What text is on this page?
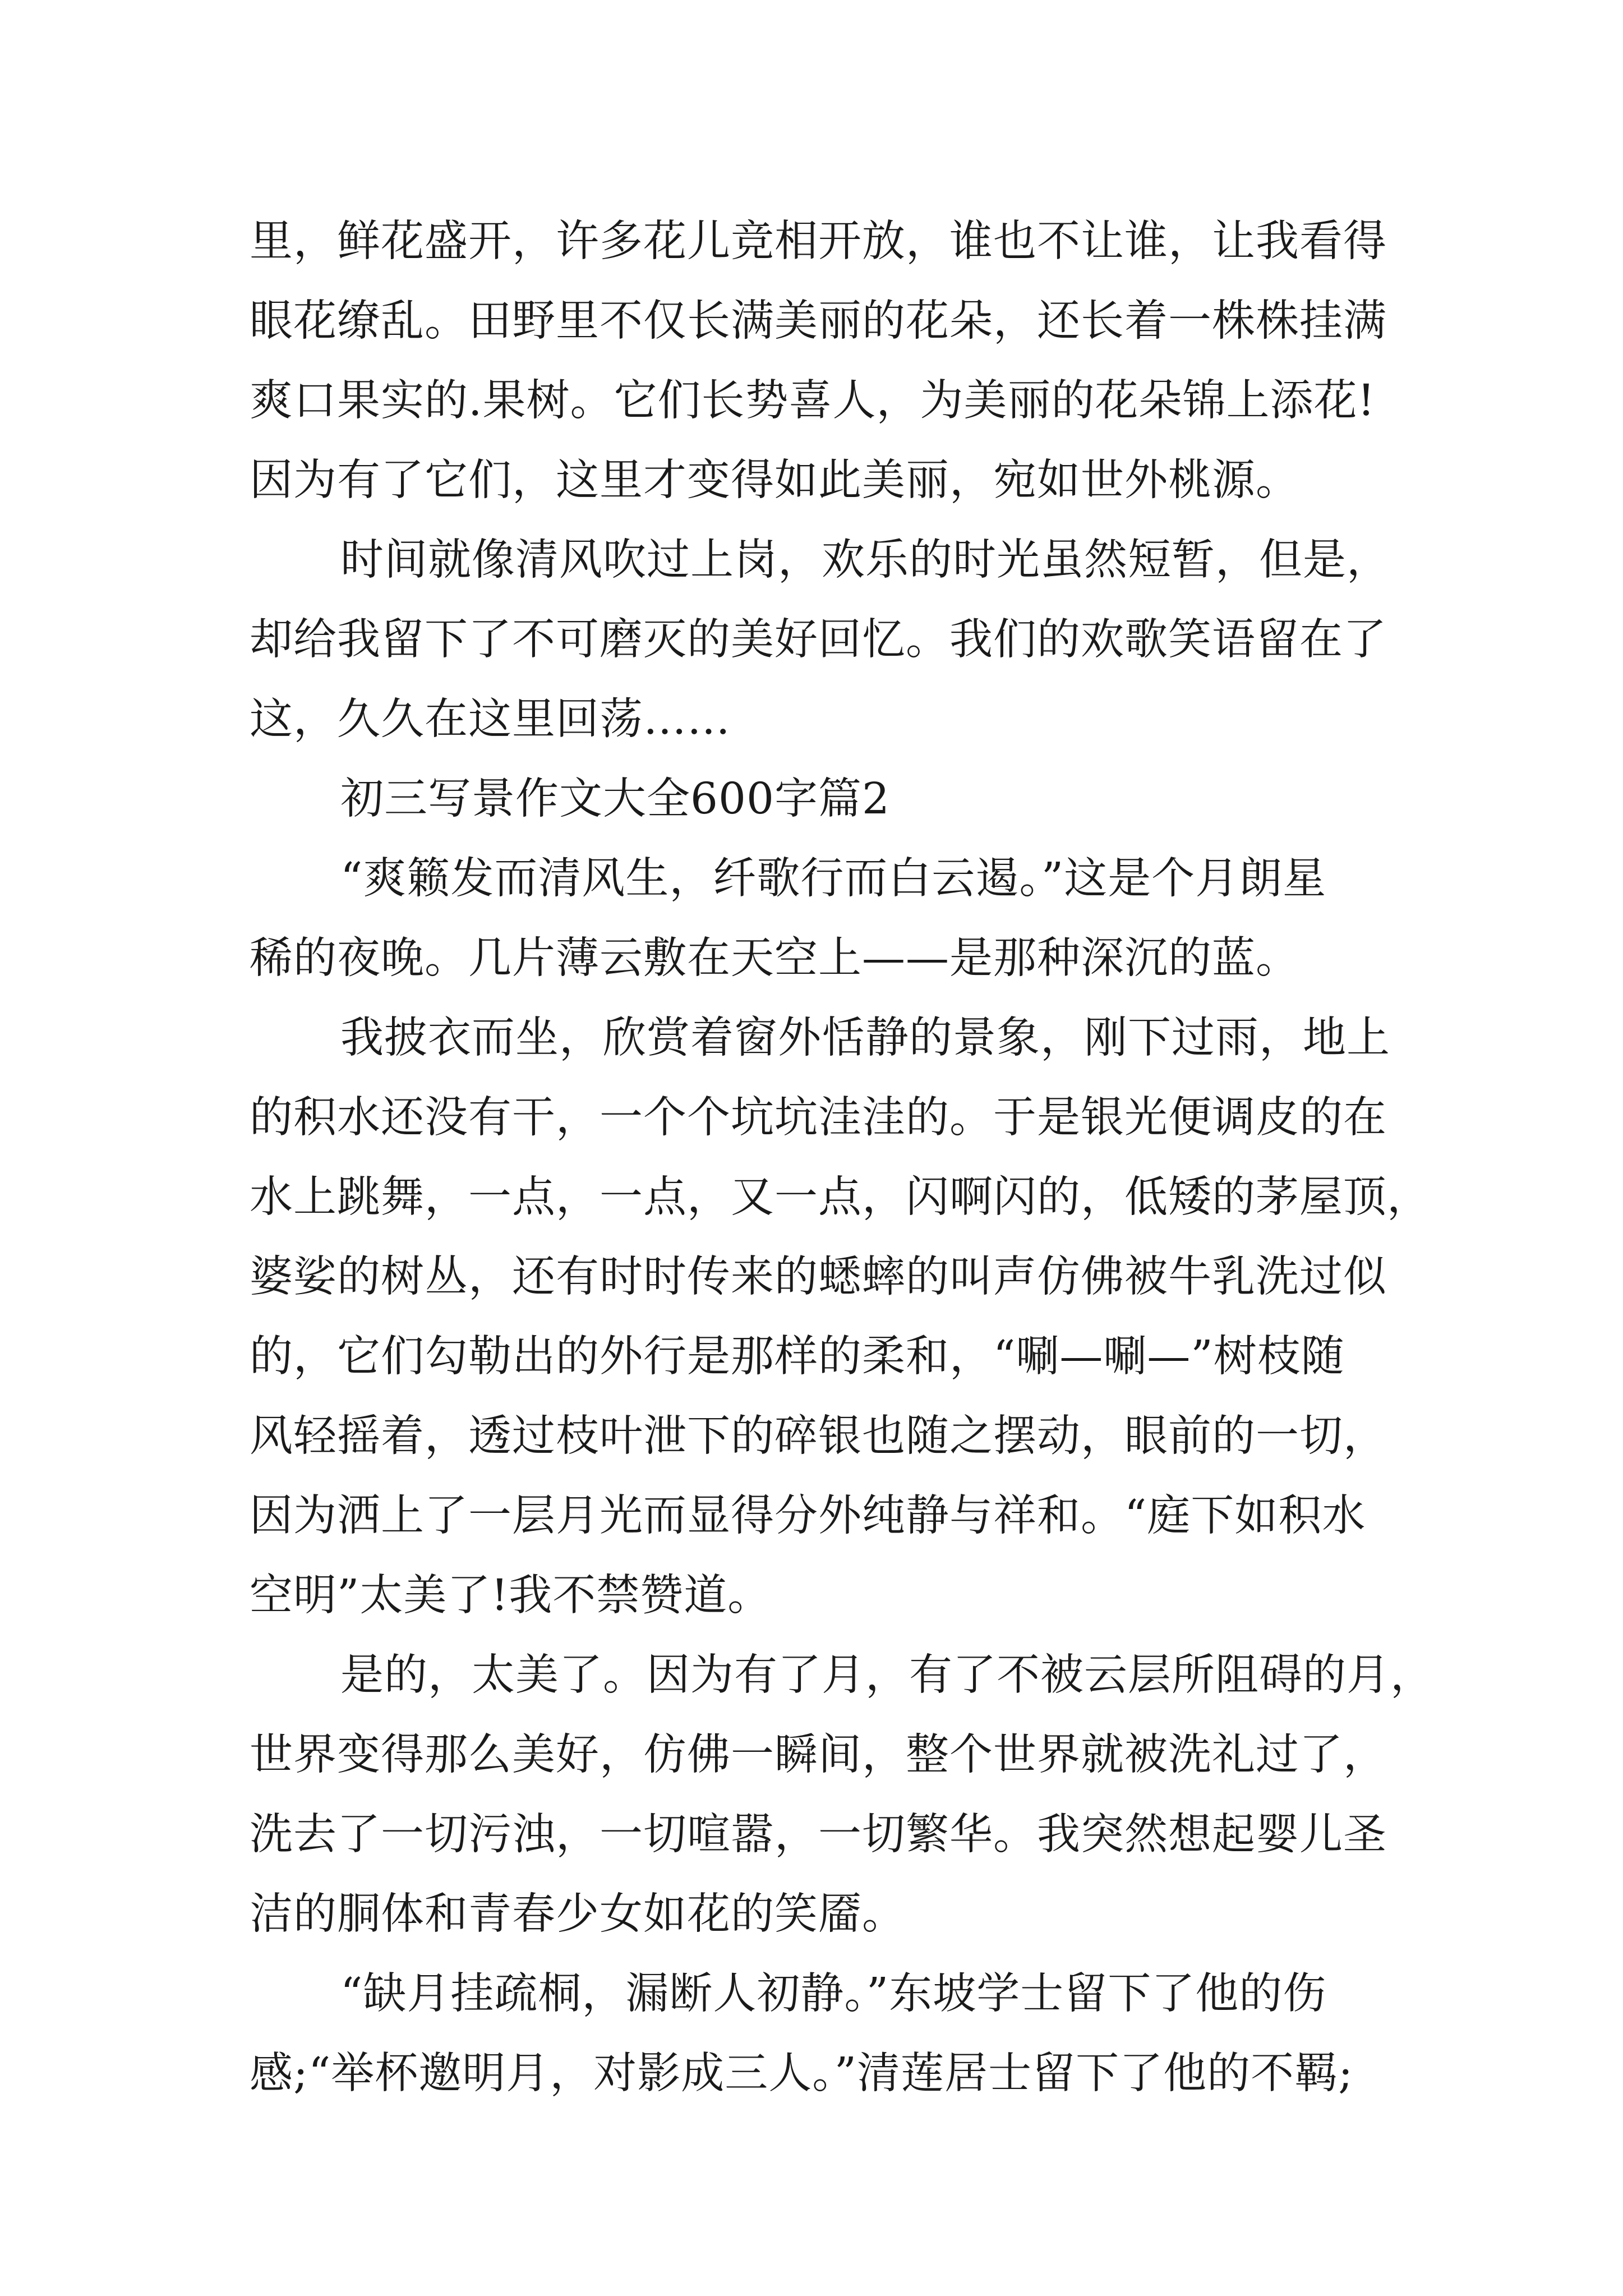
里，鲜花盛开，许多花儿竞相开放，谁也不让谁，让我看得
眼花缭乱。田野里不仅长满美丽的花朵，还长着一株株挂满
爽口果实的.果树。它们长势喜人，为美丽的花朵锦上添花!
因为有了它们，这里才变得如此美丽，宛如世外桃源。
时间就像清风吹过上岗，欢乐的时光虽然短暂，但是，
却给我留下了不可磨灭的美好回忆。我们的欢歌笑语留在了
这，久久在这里回荡……
初三写景作文大全600字篇2
“爽籁发而清风生，纤歌行而白云遏。”这是个月朗星
稀的夜晚。几片薄云敷在天空上——是那种深沉的蓝。
我披衣而坐，欣赏着窗外恬静的景象，刚下过雨，地上
的积水还没有干，一个个坑坑洼洼的。于是银光便调皮的在
水上跳舞，一点，一点，又一点，闪啊闪的，低矮的茅屋顶，
婆娑的树丛，还有时时传来的蟋蟀的叫声仿佛被牛乳洗过似
的，它们勾勒出的外行是那样的柔和，“唰—唰—”树枝随
风轻摇着，透过枝叶泄下的碎银也随之摆动，眼前的一切，
因为洒上了一层月光而显得分外纯静与祥和。“庭下如积水
空明”太美了!我不禁赞道。
是的，太美了。因为有了月，有了不被云层所阻碍的月，
世界变得那么美好，仿佛一瞬间，整个世界就被洗礼过了，
洗去了一切污浊，一切喧嚣，一切繁华。我突然想起婴儿圣
洁的胴体和青春少女如花的笑靥。
“缺月挂疏桐，漏断人初静。”东坡学士留下了他的伤
感;“举杯邀明月，对影成三人。”清莲居士留下了他的不羁;
